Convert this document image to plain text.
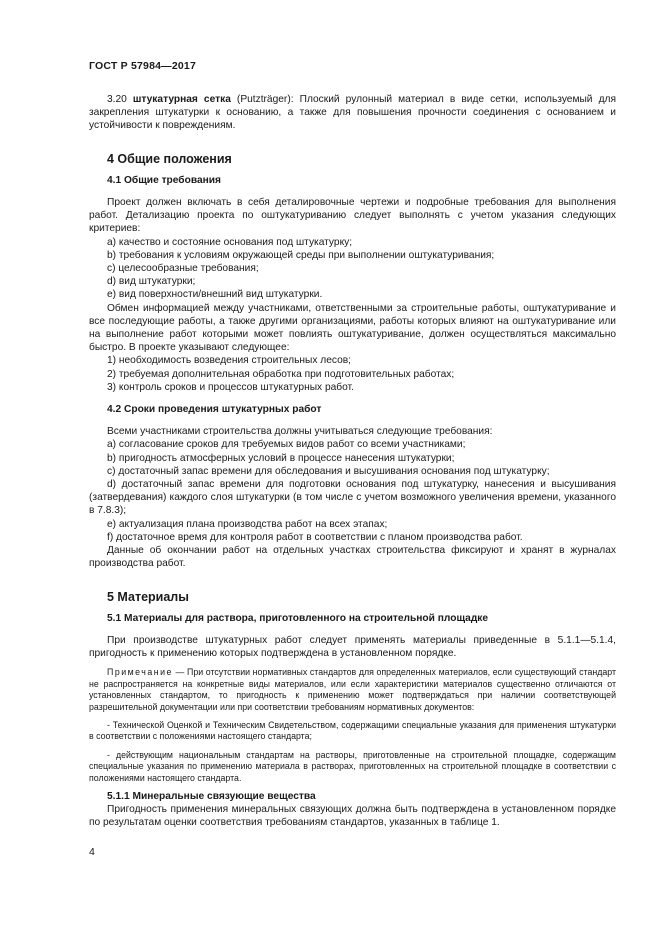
ГОСТ Р 57984—2017

3.20 штукатурная сетка (Putzträger): Плоский рулонный материал в виде сетки, используемый для закрепления штукатурки к основанию, а также для повышения прочности соединения с основанием и устойчивости к повреждениям.

4 Общие положения

4.1 Общие требования

Проект должен включать в себя деталировочные чертежи и подробные требования для выполнения работ. Детализацию проекта по оштукатуриванию следует выполнять с учетом указания следующих критериев:

a) качество и состояние основания под штукатурку;

b) требования к условиям окружающей среды при выполнении оштукатуривания;

c) целесообразные требования;

d) вид штукатурки;

e) вид поверхности/внешний вид штукатурки.

Обмен информацией между участниками, ответственными за строительные работы, оштукатуривание и все последующие работы, а также другими организациями, работы которых влияют на оштукатуривание или на выполнение работ которыми может повлиять оштукатуривание, должен осуществляться максимально быстро. В проекте указывают следующее:

1) необходимость возведения строительных лесов;

2) требуемая дополнительная обработка при подготовительных работах;

3) контроль сроков и процессов штукатурных работ.

4.2 Сроки проведения штукатурных работ

Всеми участниками строительства должны учитываться следующие требования:

a) согласование сроков для требуемых видов работ со всеми участниками;

b) пригодность атмосферных условий в процессе нанесения штукатурки;

c) достаточный запас времени для обследования и высушивания основания под штукатурку;

d) достаточный запас времени для подготовки основания под штукатурку, нанесения и высушивания (затвердевания) каждого слоя штукатурки (в том числе с учетом возможного увеличения времени, указанного в 7.8.3);

e) актуализация плана производства работ на всех этапах;

f) достаточное время для контроля работ в соответствии с планом производства работ.

Данные об окончании работ на отдельных участках строительства фиксируют и хранят в журналах производства работ.

5 Материалы

5.1 Материалы для раствора, приготовленного на строительной площадке

При производстве штукатурных работ следует применять материалы приведенные в 5.1.1—5.1.4, пригодность к применению которых подтверждена в установленном порядке.

Примечание — При отсутствии нормативных стандартов для определенных материалов, если существующий стандарт не распространяется на конкретные виды материалов, или если характеристики материалов существенно отличаются от установленных стандартом, то пригодность к применению может подтверждаться при наличии соответствующей разрешительной документации или при соответствии требованиям нормативных документов:

- Технической Оценкой и Техническим Свидетельством, содержащими специальные указания для применения штукатурки в соответствии с положениями настоящего стандарта;

- действующим национальным стандартам на растворы, приготовленные на строительной площадке, содержащим специальные указания по применению материала в растворах, приготовленных на строительной площадке в соответствии с положениями настоящего стандарта.

5.1.1 Минеральные связующие вещества

Пригодность применения минеральных связующих должна быть подтверждена в установленном порядке по результатам оценки соответствия требованиям стандартов, указанных в таблице 1.

4
